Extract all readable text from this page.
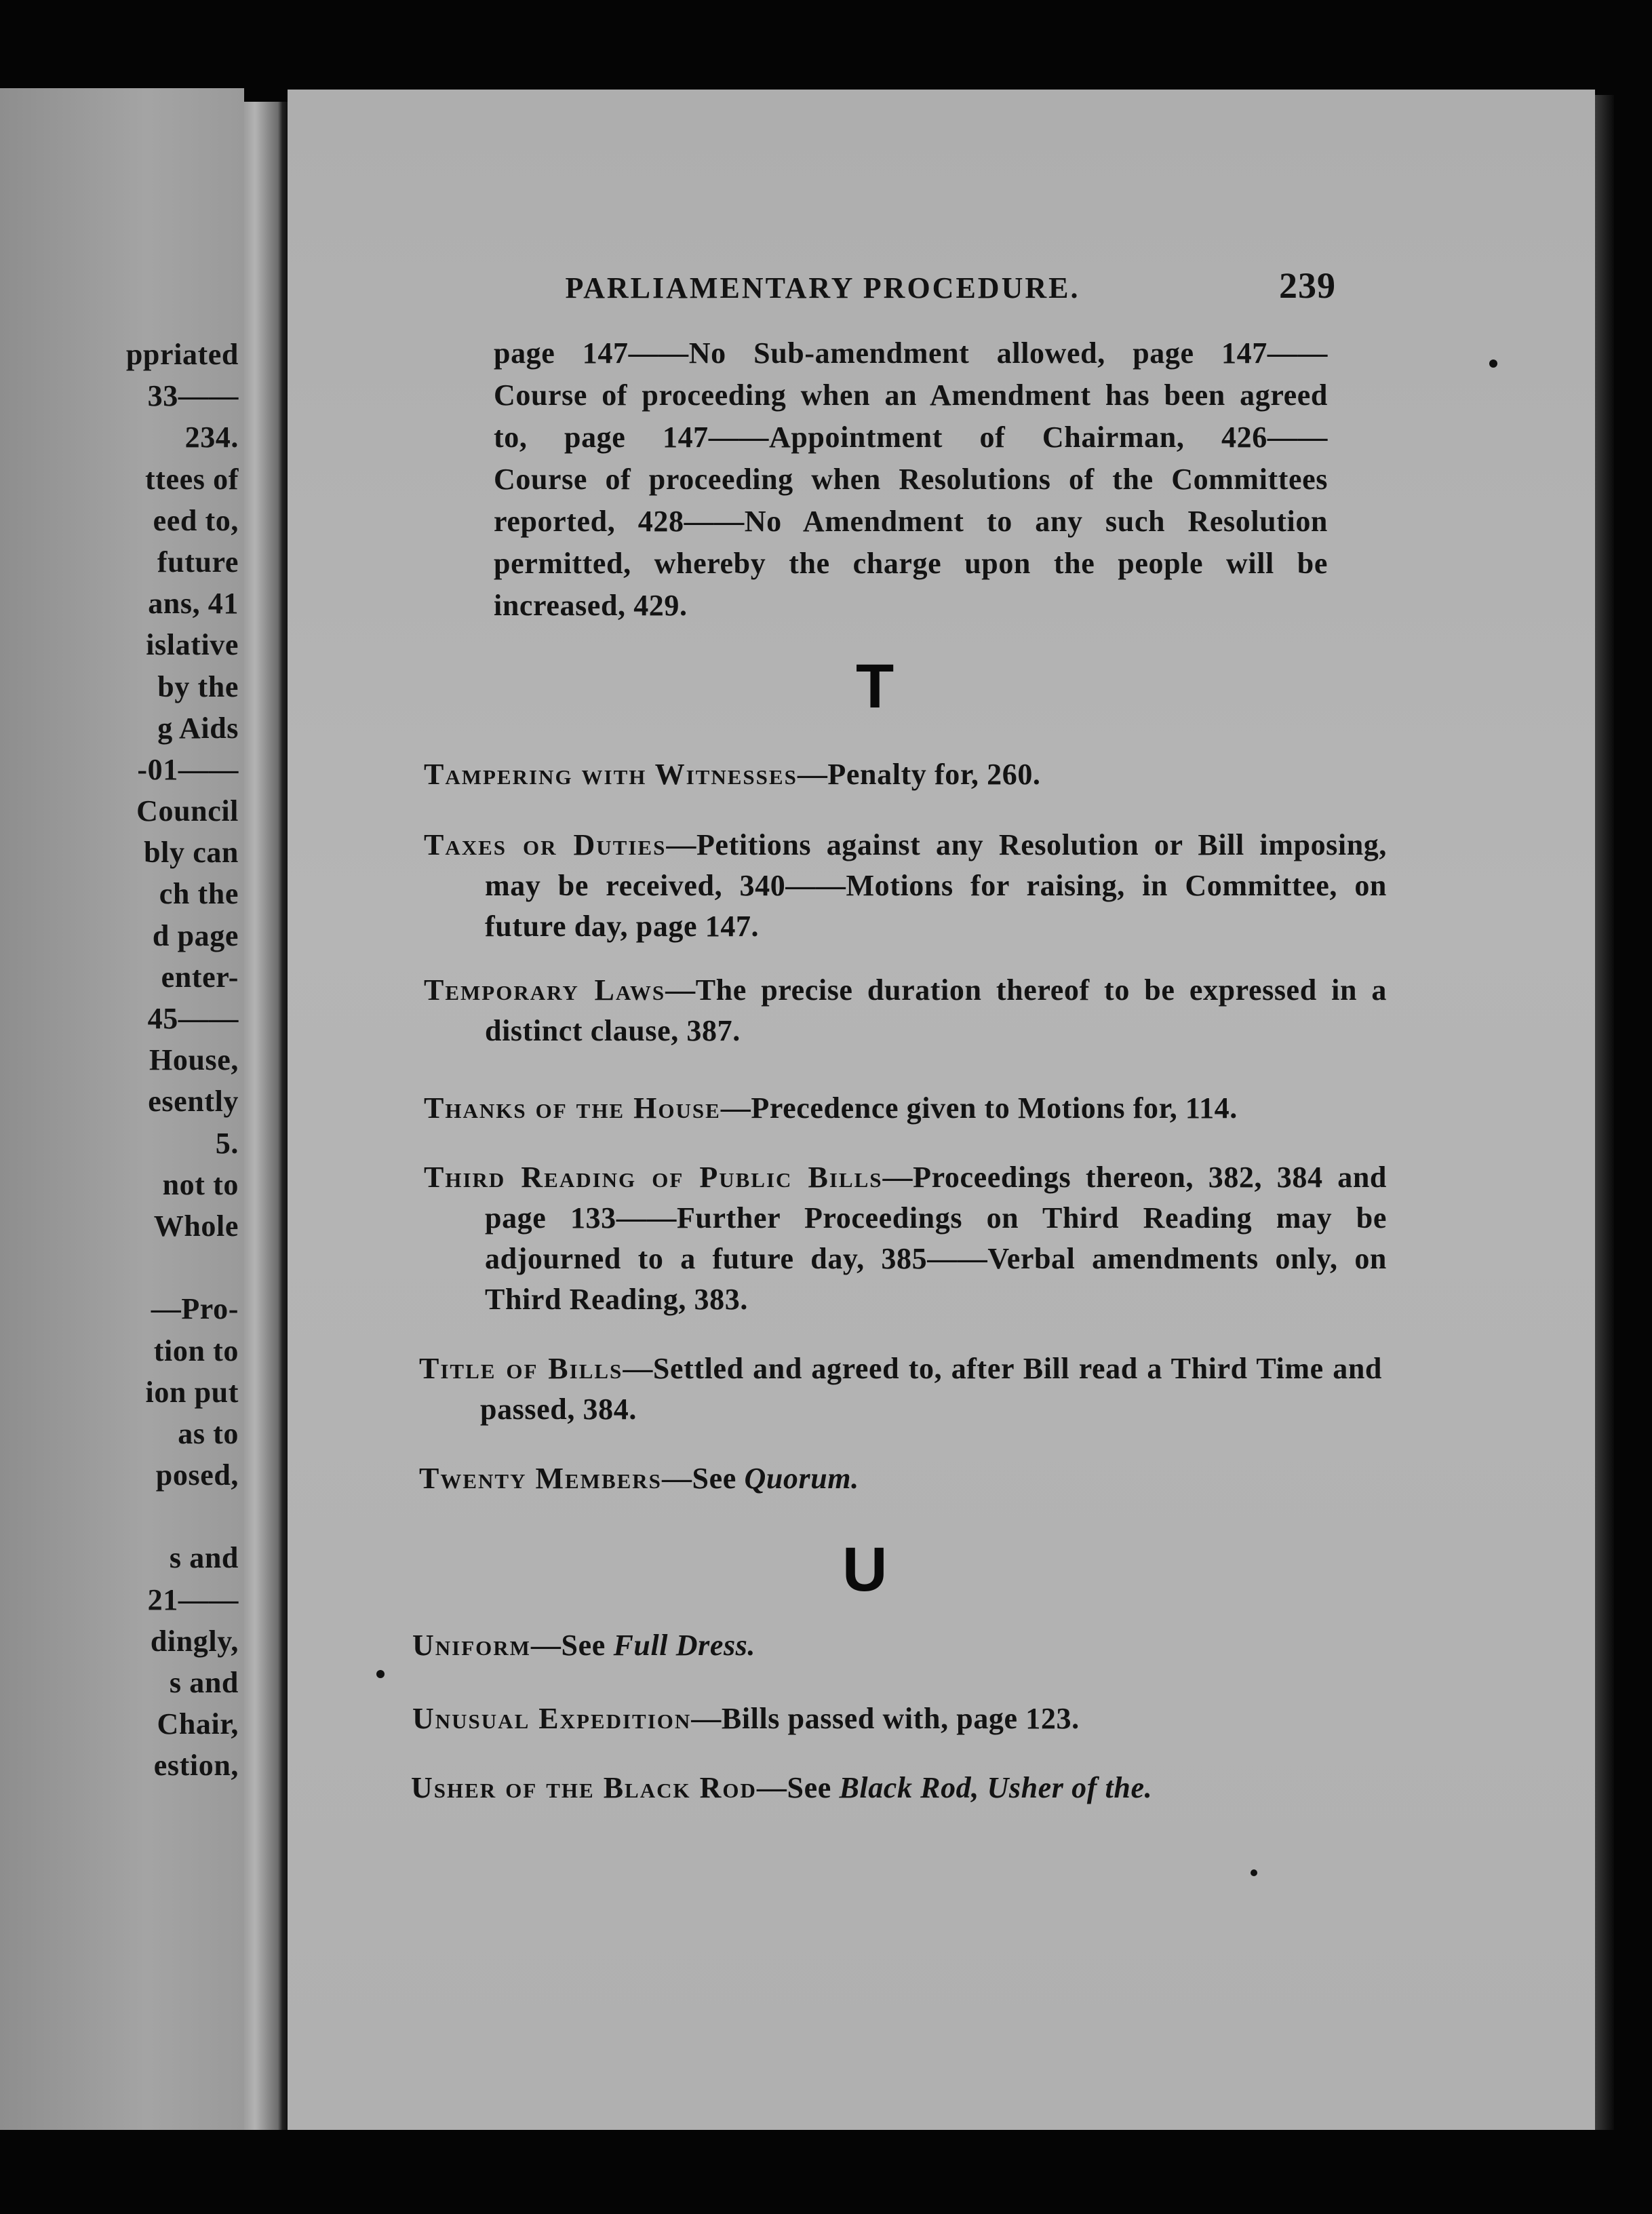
ppriated
33——
234.
ttees of
eed to,
future
ans, 41
islative
by the
g Aids
-01——
Council
bly can
ch the
d page
enter-
45——
House,
esently
5.
not to
Whole
—Pro-
tion to
ion put
as to
posed,
s and
21——
dingly,
s and
Chair,
estion,
PARLIAMENTARY PROCEDURE.	239
page 147——No Sub-amendment allowed, page 147——
Course of proceeding when an Amendment has been agreed
to, page 147——Appointment of Chairman, 426——
Course of proceeding when Resolutions of the Committees
reported, 428——No Amendment to any such Resolution
permitted, whereby the charge upon the people will be
increased, 429.
T
Tampering with Witnesses—Penalty for, 260.
Taxes or Duties—Petitions against any Resolution or Bill imposing, may be received, 340——Motions for raising, in Committee, on future day, page 147.
Temporary Laws—The precise duration thereof to be expressed in a distinct clause, 387.
Thanks of the House—Precedence given to Motions for, 114.
Third Reading of Public Bills—Proceedings thereon, 382, 384 and page 133——Further Proceedings on Third Reading may be adjourned to a future day, 385——Verbal amendments only, on Third Reading, 383.
Title of Bills—Settled and agreed to, after Bill read a Third Time and passed, 384.
Twenty Members—See Quorum.
U
Uniform—See Full Dress.
Unusual Expedition—Bills passed with, page 123.
Usher of the Black Rod—See Black Rod, Usher of the.
